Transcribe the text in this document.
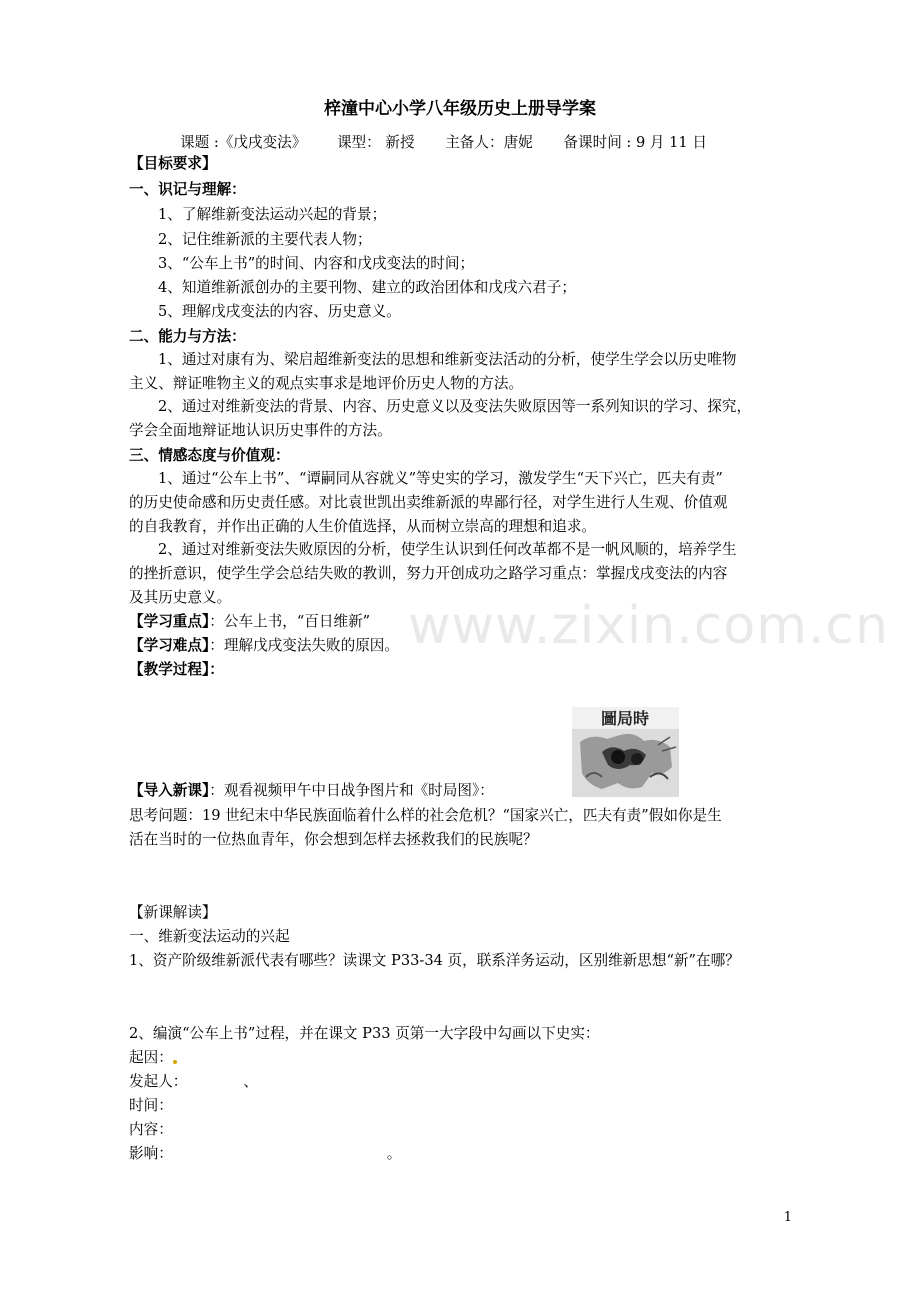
梓潼中心小学八年级历史上册导学案
课题 :《戊戌变法》 课型： 新授 主备人：唐妮 备课时间 : 9 月 11 日
【目标要求】
一、识记与理解：
1、了解维新变法运动兴起的背景；
2、记住维新派的主要代表人物；
3、“公车上书”的时间、内容和戊戌变法的时间；
4、知道维新派创办的主要刊物、建立的政治团体和戊戌六君子；
5、理解戊戌变法的内容、历史意义。
二、能力与方法：
1、通过对康有为、梁启超维新变法的思想和维新变法活动的分析，使学生学会以历史唯物
主义、辩证唯物主义的观点实事求是地评价历史人物的方法。
2、通过对维新变法的背景、内容、历史意义以及变法失败原因等一系列知识的学习、探究，
学会全面地辩证地认识历史事件的方法。
三、情感态度与价值观：
1、通过“公车上书”、“谭嗣同从容就义”等史实的学习，激发学生“天下兴亡，匹夫有责”
的历史使命感和历史责任感。对比袁世凯出卖维新派的卑鄙行径，对学生进行人生观、价值观
的自我教育，并作出正确的人生价值选择，从而树立崇高的理想和追求。
2、通过对维新变法失败原因的分析，使学生认识到任何改革都不是一帆风顺的，培养学生
的挫折意识，使学生学会总结失败的教训，努力开创成功之路学习重点：掌握戊戌变法的内容
及其历史意义。
【学习重点】：公车上书，“百日维新”
【学习难点】：理解戊戌变法失败的原因。
【教学过程】：
圖局時
【导入新课】：观看视频甲午中日战争图片和《时局图》：
思考问题：19 世纪末中华民族面临着什么样的社会危机？“国家兴亡，匹夫有责”假如你是生
活在当时的一位热血青年，你会想到怎样去拯救我们的民族呢？
【新课解读】
一、维新变法运动的兴起
1、资产阶级维新派代表有哪些？读课文 P33-34 页，联系洋务运动，区别维新思想“新”在哪？
2、编演“公车上书”过程，并在课文 P33 页第一大字段中勾画以下史实：
起因：
发起人：	、
时间：
内容：
影响：	。
www.zixin.com.cn
1
